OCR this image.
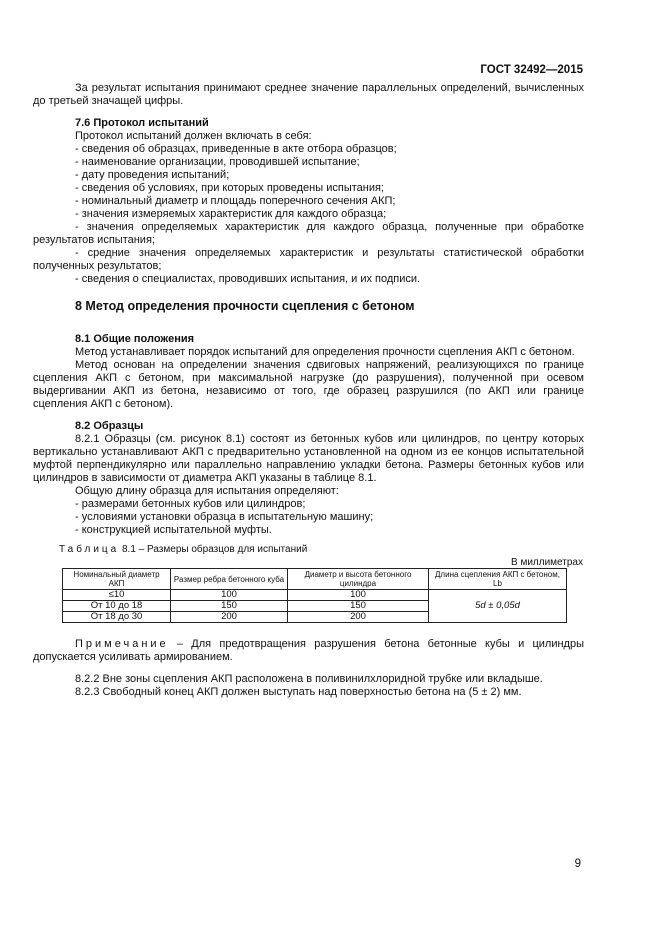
ГОСТ 32492—2015

За результат испытания принимают среднее значение параллельных определений, вычисленных до третьей значащей цифры.

7.6 Протокол испытаний

Протокол испытаний должен включать в себя:

- сведения об образцах, приведенные в акте отбора образцов;

- наименование организации, проводившей испытание;

- дату проведения испытаний;

- сведения об условиях, при которых проведены испытания;

- номинальный диаметр и площадь поперечного сечения АКП;

- значения измеряемых характеристик для каждого образца;

- значения определяемых характеристик для каждого образца, полученные при обработке результатов испытания;

- средние значения определяемых характеристик и результаты статистической обработки полученных результатов;

- сведения о специалистах, проводивших испытания, и их подписи.

8 Метод определения прочности сцепления с бетоном

8.1 Общие положения

Метод устанавливает порядок испытаний для определения прочности сцепления АКП с бетоном.

Метод основан на определении значения сдвиговых напряжений, реализующихся по границе сцепления АКП с бетоном, при максимальной нагрузке (до разрушения), полученной при осевом выдергивании АКП из бетона, независимо от того, где образец разрушился (по АКП или границе сцепления АКП с бетоном).

8.2 Образцы

8.2.1 Образцы (см. рисунок 8.1) состоят из бетонных кубов или цилиндров, по центру которых вертикально устанавливают АКП с предварительно установленной на одном из ее концов испытательной муфтой перпендикулярно или параллельно направлению укладки бетона. Размеры бетонных кубов или цилиндров в зависимости от диаметра АКП указаны в таблице 8.1.

Общую длину образца для испытания определяют:

- размерами бетонных кубов или цилиндров;

- условиями установки образца в испытательную машину;

- конструкцией испытательной муфты.

Таблица 8.1 – Размеры образцов для испытаний
В миллиметрах
Номинальный диаметр АКП	Размер ребра бетонного куба	Диаметр и высота бетонного цилиндра	Длина сцепления АКП с бетоном, Lb
≤10	100	100	5d ± 0,05d
От 10 до 18	150	150	
От 18 до 30	200	200	
Примечание – Для предотвращения разрушения бетона бетонные кубы и цилиндры допускается усиливать армированием.

8.2.2 Вне зоны сцепления АКП расположена в поливинилхлоридной трубке или вкладыше.

8.2.3 Свободный конец АКП должен выступать над поверхностью бетона на (5 ± 2) мм.

9
